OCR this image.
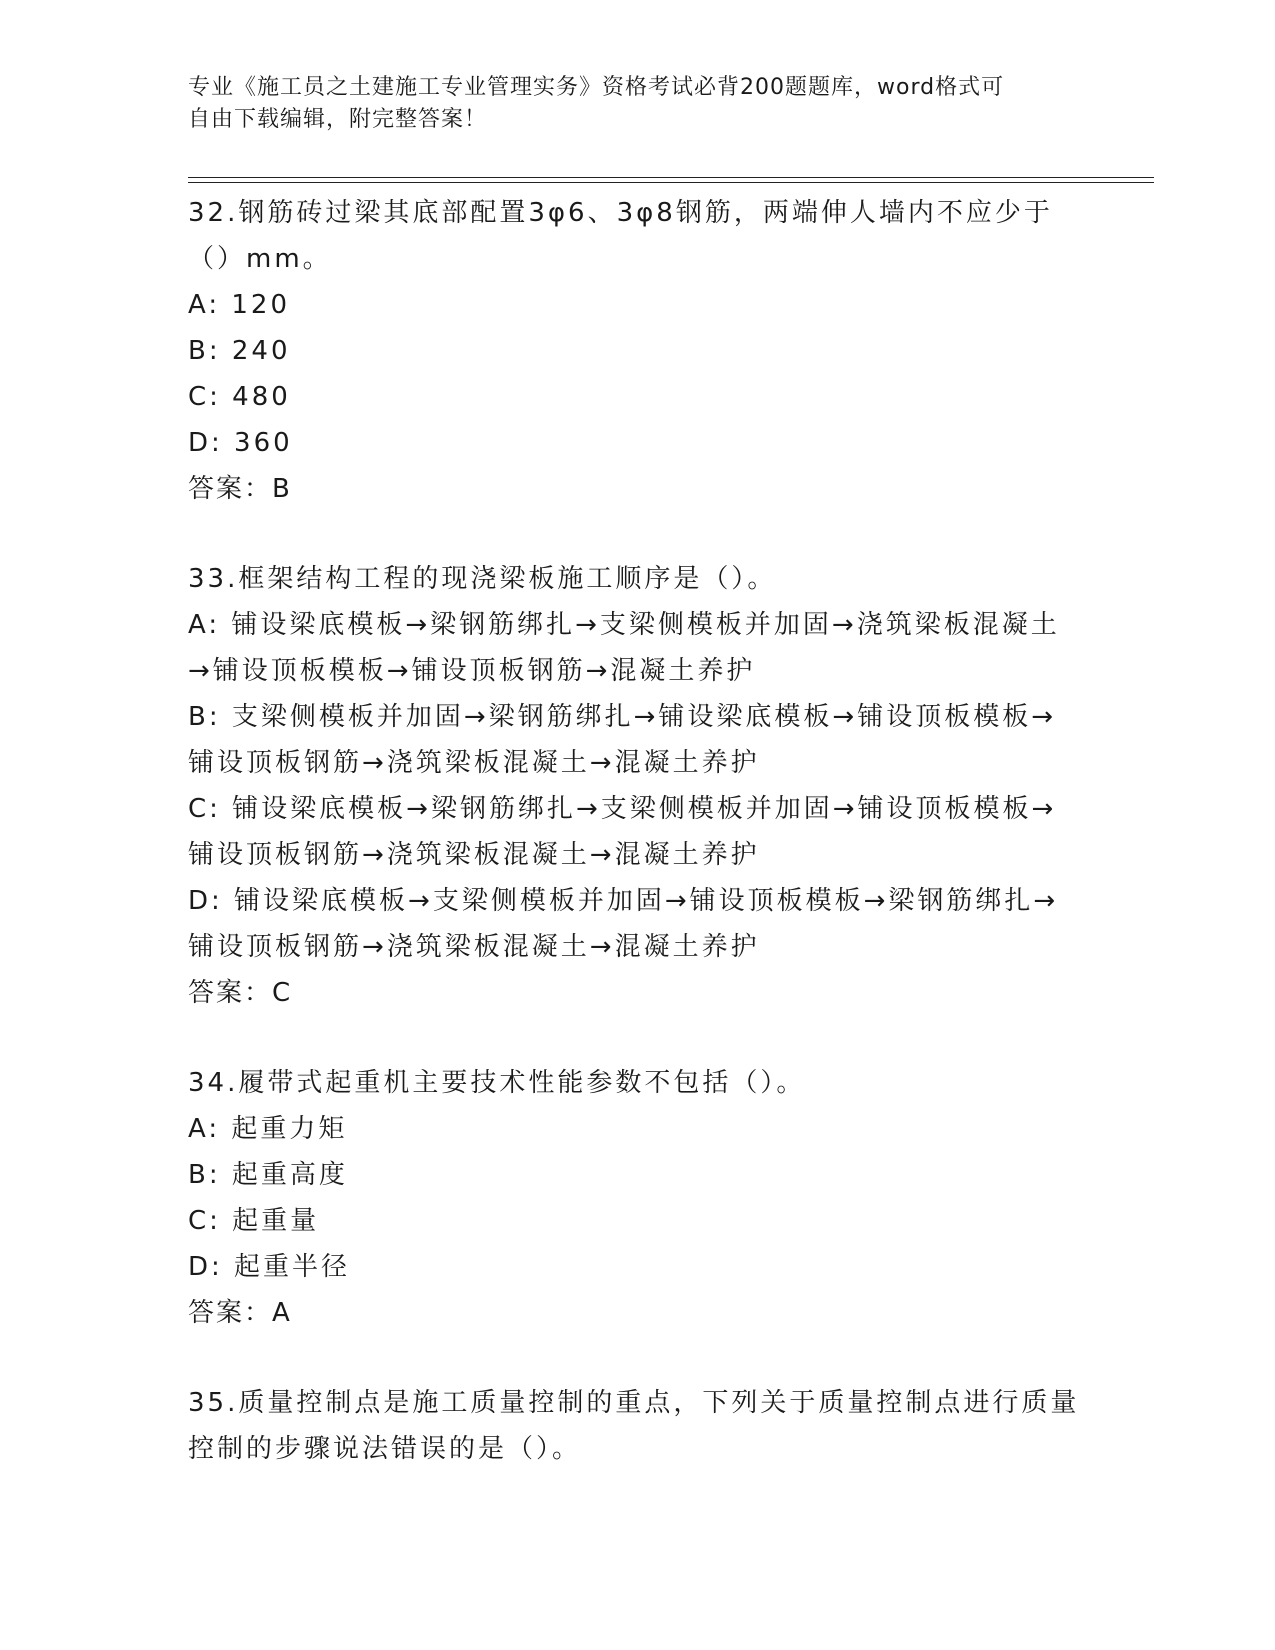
专业《施工员之土建施工专业管理实务》资格考试必背200题题库，word格式可
自由下载编辑，附完整答案！
32.钢筋砖过梁其底部配置3φ6、3φ8钢筋，两端伸人墙内不应少于
（）mm。
A: 120
B: 240
C: 480
D: 360
答案：B
33.框架结构工程的现浇梁板施工顺序是（）。
A: 铺设梁底模板→梁钢筋绑扎→支梁侧模板并加固→浇筑梁板混凝土
→铺设顶板模板→铺设顶板钢筋→混凝土养护
B: 支梁侧模板并加固→梁钢筋绑扎→铺设梁底模板→铺设顶板模板→
铺设顶板钢筋→浇筑梁板混凝土→混凝土养护
C: 铺设梁底模板→梁钢筋绑扎→支梁侧模板并加固→铺设顶板模板→
铺设顶板钢筋→浇筑梁板混凝土→混凝土养护
D: 铺设梁底模板→支梁侧模板并加固→铺设顶板模板→梁钢筋绑扎→
铺设顶板钢筋→浇筑梁板混凝土→混凝土养护
答案：C
34.履带式起重机主要技术性能参数不包括（）。
A: 起重力矩
B: 起重高度
C: 起重量
D: 起重半径
答案：A
35.质量控制点是施工质量控制的重点，下列关于质量控制点进行质量
控制的步骤说法错误的是（）。
